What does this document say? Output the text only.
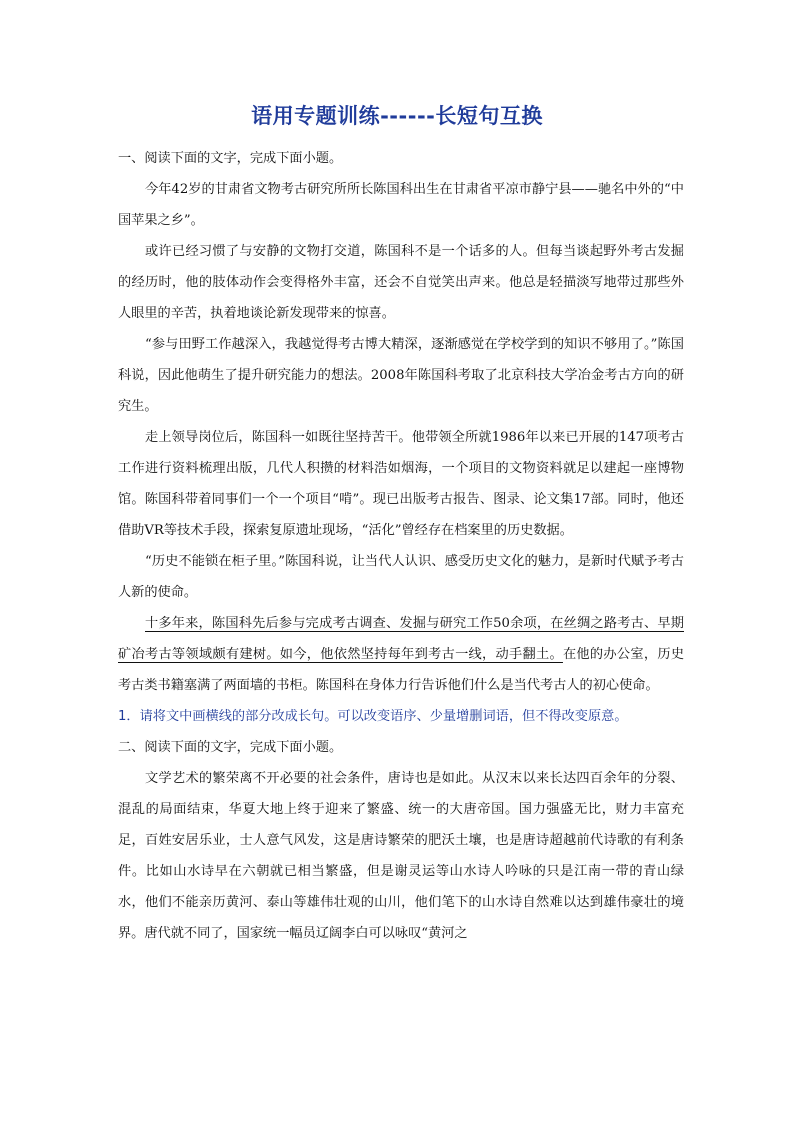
语用专题训练------长短句互换

一、阅读下面的文字，完成下面小题。

今年42岁的甘肃省文物考古研究所所长陈国科出生在甘肃省平凉市静宁县——驰名中外的“中国苹果之乡”。

或许已经习惯了与安静的文物打交道，陈国科不是一个话多的人。但每当谈起野外考古发掘的经历时，他的肢体动作会变得格外丰富，还会不自觉笑出声来。他总是轻描淡写地带过那些外人眼里的辛苦，执着地谈论新发现带来的惊喜。

“参与田野工作越深入，我越觉得考古博大精深，逐渐感觉在学校学到的知识不够用了。”陈国科说，因此他萌生了提升研究能力的想法。2008年陈国科考取了北京科技大学冶金考古方向的研究生。

走上领导岗位后，陈国科一如既往坚持苦干。他带领全所就1986年以来已开展的147项考古工作进行资料梳理出版，几代人积攒的材料浩如烟海，一个项目的文物资料就足以建起一座博物馆。陈国科带着同事们一个一个项目“啃”。现已出版考古报告、图录、论文集17部。同时，他还借助VR等技术手段，探索复原遗址现场，“活化”曾经存在档案里的历史数据。

“历史不能锁在柜子里。”陈国科说，让当代人认识、感受历史文化的魅力，是新时代赋予考古人新的使命。

十多年来，陈国科先后参与完成考古调查、发掘与研究工作50余项，在丝绸之路考古、早期矿冶考古等领域颇有建树。如今，他依然坚持每年到考古一线，动手翻土。在他的办公室，历史考古类书籍塞满了两面墙的书柜。陈国科在身体力行告诉他们什么是当代考古人的初心使命。

1．请将文中画横线的部分改成长句。可以改变语序、少量增删词语，但不得改变原意。

二、阅读下面的文字，完成下面小题。

文学艺术的繁荣离不开必要的社会条件，唐诗也是如此。从汉末以来长达四百余年的分裂、混乱的局面结束，华夏大地上终于迎来了繁盛、统一的大唐帝国。国力强盛无比，财力丰富充足，百姓安居乐业，士人意气风发，这是唐诗繁荣的肥沃土壤，也是唐诗超越前代诗歌的有利条件。比如山水诗早在六朝就已相当繁盛，但是谢灵运等山水诗人吟咏的只是江南一带的青山绿水，他们不能亲历黄河、泰山等雄伟壮观的山川，他们笔下的山水诗自然难以达到雄伟豪壮的境界。唐代就不同了，国家统一幅员辽阔李白可以咏叹“黄河之
